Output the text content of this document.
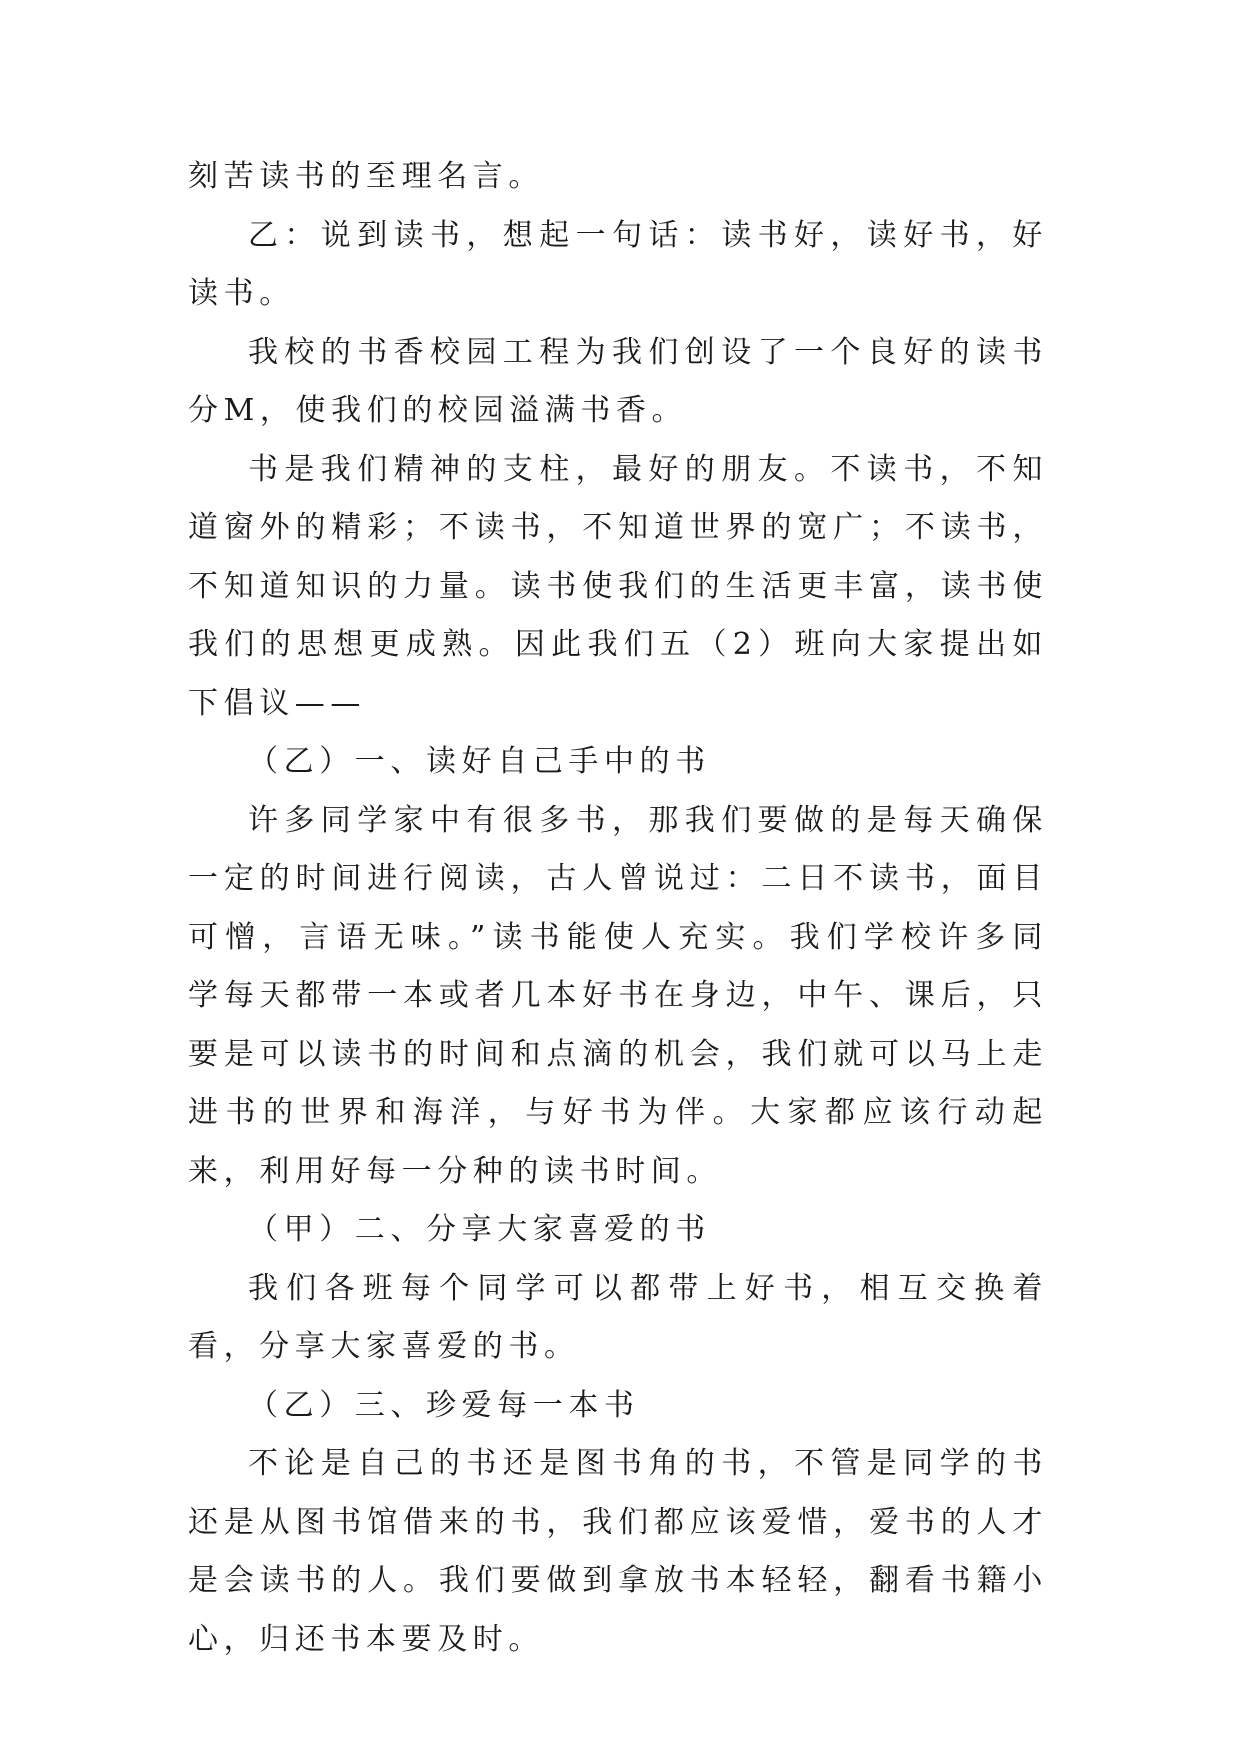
刻苦读书的至理名言。

乙：说到读书，想起一句话：读书好，读好书，好读书。

我校的书香校园工程为我们创设了一个良好的读书分M，使我们的校园溢满书香。

书是我们精神的支柱，最好的朋友。不读书，不知道窗外的精彩；不读书，不知道世界的宽广；不读书，不知道知识的力量。读书使我们的生活更丰富，读书使我们的思想更成熟。因此我们五（2）班向大家提出如下倡议——

（乙）一、读好自己手中的书

许多同学家中有很多书，那我们要做的是每天确保一定的时间进行阅读，古人曾说过：二日不读书，面目可憎，言语无味。”读书能使人充实。我们学校许多同学每天都带一本或者几本好书在身边，中午、课后，只要是可以读书的时间和点滴的机会，我们就可以马上走进书的世界和海洋，与好书为伴。大家都应该行动起来，利用好每一分种的读书时间。

（甲）二、分享大家喜爱的书

我们各班每个同学可以都带上好书，相互交换着看，分享大家喜爱的书。

（乙）三、珍爱每一本书

不论是自己的书还是图书角的书，不管是同学的书还是从图书馆借来的书，我们都应该爱惜，爱书的人才是会读书的人。我们要做到拿放书本轻轻，翻看书籍小心，归还书本要及时。
